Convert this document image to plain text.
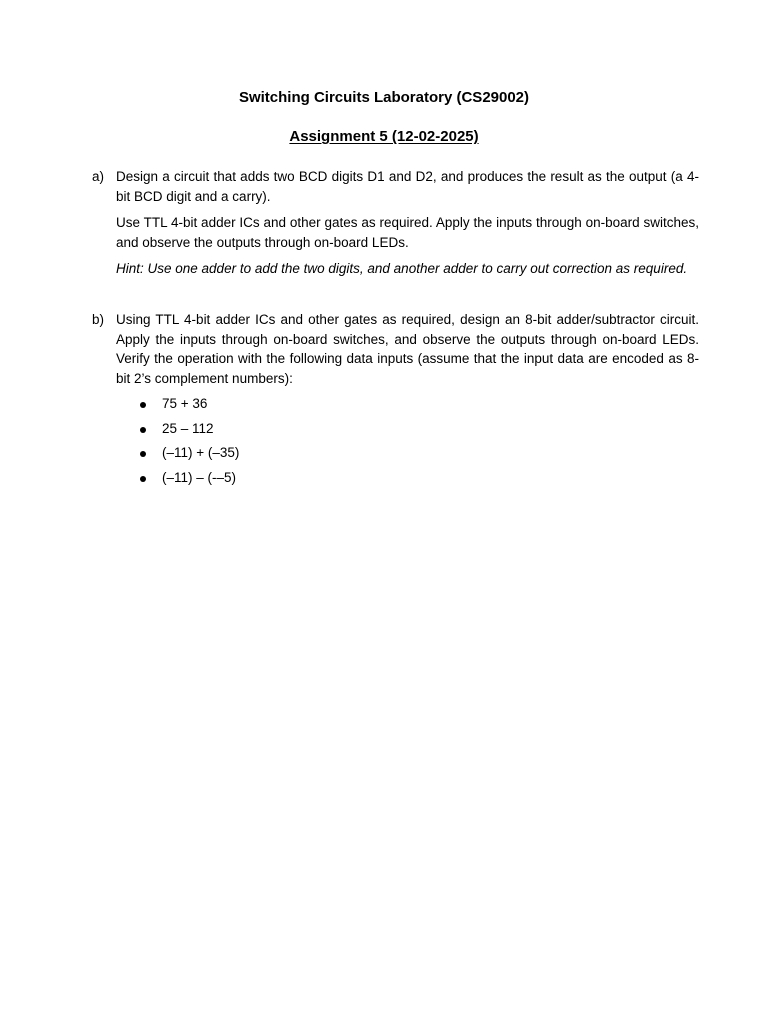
Switching Circuits Laboratory (CS29002)
Assignment 5 (12-02-2025)
a) Design a circuit that adds two BCD digits D1 and D2, and produces the result as the output (a 4-bit BCD digit and a carry).

Use TTL 4-bit adder ICs and other gates as required. Apply the inputs through on-board switches, and observe the outputs through on-board LEDs.

Hint: Use one adder to add the two digits, and another adder to carry out correction as required.

b) Using TTL 4-bit adder ICs and other gates as required, design an 8-bit adder/subtractor circuit. Apply the inputs through on-board switches, and observe the outputs through on-board LEDs. Verify the operation with the following data inputs (assume that the input data are encoded as 8-bit 2’s complement numbers):

75 + 36
25 – 112
(–11) + (–35)
(–11) – (-–5)
